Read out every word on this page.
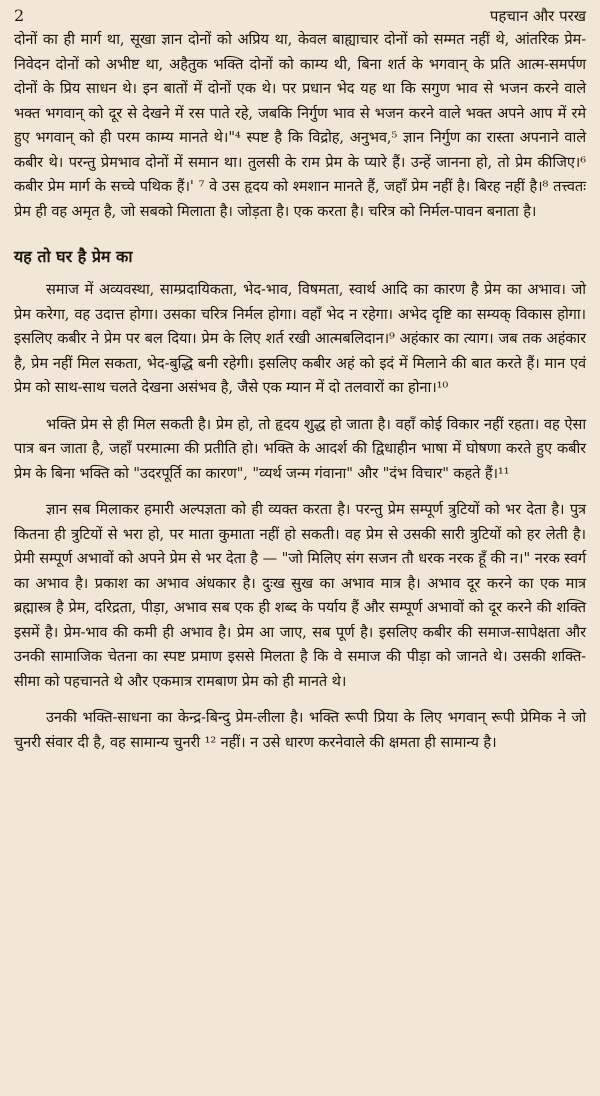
2	पहचान और परख

दोनों का ही मार्ग था, सूखा ज्ञान दोनों को अप्रिय था, केवल बाह्याचार दोनों को सम्मत नहीं थे, आंतरिक प्रेम-निवेदन दोनों को अभीष्ट था, अहैतुक भक्ति दोनों को काम्य थी, बिना शर्त के भगवान् के प्रति आत्म-समर्पण दोनों के प्रिय साधन थे। इन बातों में दोनों एक थे। पर प्रधान भेद यह था कि सगुण भाव से भजन करने वाले भक्त भगवान् को दूर से देखने में रस पाते रहे, जबकि निर्गुण भाव से भजन करने वाले भक्त अपने आप में रमे हुए भगवान् को ही परम काम्य मानते थे।"⁴ स्पष्ट है कि विद्रोह, अनुभव,⁵ ज्ञान निर्गुण का रास्ता अपनाने वाले कबीर थे। परन्तु प्रेमभाव दोनों में समान था। तुलसी के राम प्रेम के प्यारे हैं। उन्हें जानना हो, तो प्रेम कीजिए।⁶ कबीर प्रेम मार्ग के सच्चे पथिक हैं।' ⁷ वे उस हृदय को श्मशान मानते हैं, जहाँ प्रेम नहीं है। बिरह नहीं है।⁸ तत्त्वतः प्रेम ही वह अमृत है, जो सबको मिलाता है। जोड़ता है। एक करता है। चरित्र को निर्मल-पावन बनाता है।

यह तो घर है प्रेम का

समाज में अव्यवस्था, साम्प्रदायिकता, भेद-भाव, विषमता, स्वार्थ आदि का कारण है प्रेम का अभाव। जो प्रेम करेगा, वह उदात्त होगा। उसका चरित्र निर्मल होगा। वहाँ भेद न रहेगा। अभेद दृष्टि का सम्यक् विकास होगा। इसलिए कबीर ने प्रेम पर बल दिया। प्रेम के लिए शर्त रखी आत्मबलिदान।⁹ अहंकार का त्याग। जब तक अहंकार है, प्रेम नहीं मिल सकता, भेद-बुद्धि बनी रहेगी। इसलिए कबीर अहं को इदं में मिलाने की बात करते हैं। मान एवं प्रेम को साथ-साथ चलते देखना असंभव है, जैसे एक म्यान में दो तलवारों का होना।¹⁰

भक्ति प्रेम से ही मिल सकती है। प्रेम हो, तो हृदय शुद्ध हो जाता है। वहाँ कोई विकार नहीं रहता। वह ऐसा पात्र बन जाता है, जहाँ परमात्मा की प्रतीति हो। भक्ति के आदर्श की द्विधाहीन भाषा में घोषणा करते हुए कबीर प्रेम के बिना भक्ति को "उदरपूर्ति का कारण", "व्यर्थ जन्म गंवाना" और "दंभ विचार" कहते हैं।¹¹

ज्ञान सब मिलाकर हमारी अल्पज्ञता को ही व्यक्त करता है। परन्तु प्रेम सम्पूर्ण त्रुटियों को भर देता है। पुत्र कितना ही त्रुटियों से भरा हो, पर माता कुमाता नहीं हो सकती। वह प्रेम से उसकी सारी त्रुटियों को हर लेती है। प्रेमी सम्पूर्ण अभावों को अपने प्रेम से भर देता है — "जो मिलिए संग सजन तौ धरक नरक हूँ की न।" नरक स्वर्ग का अभाव है। प्रकाश का अभाव अंधकार है। दुःख सुख का अभाव मात्र है। अभाव दूर करने का एक मात्र ब्रह्मास्त्र है प्रेम, दरिद्रता, पीड़ा, अभाव सब एक ही शब्द के पर्याय हैं और सम्पूर्ण अभावों को दूर करने की शक्ति इसमें है। प्रेम-भाव की कमी ही अभाव है। प्रेम आ जाए, सब पूर्ण है। इसलिए कबीर की समाज-सापेक्षता और उनकी सामाजिक चेतना का स्पष्ट प्रमाण इससे मिलता है कि वे समाज की पीड़ा को जानते थे। उसकी शक्ति-सीमा को पहचानते थे और एकमात्र रामबाण प्रेम को ही मानते थे।

उनकी भक्ति-साधना का केन्द्र-बिन्दु प्रेम-लीला है। भक्ति रूपी प्रिया के लिए भगवान् रूपी प्रेमिक ने जो चुनरी संवार दी है, वह सामान्य चुनरी ¹² नहीं। न उसे धारण करनेवाले की क्षमता ही सामान्य है।
